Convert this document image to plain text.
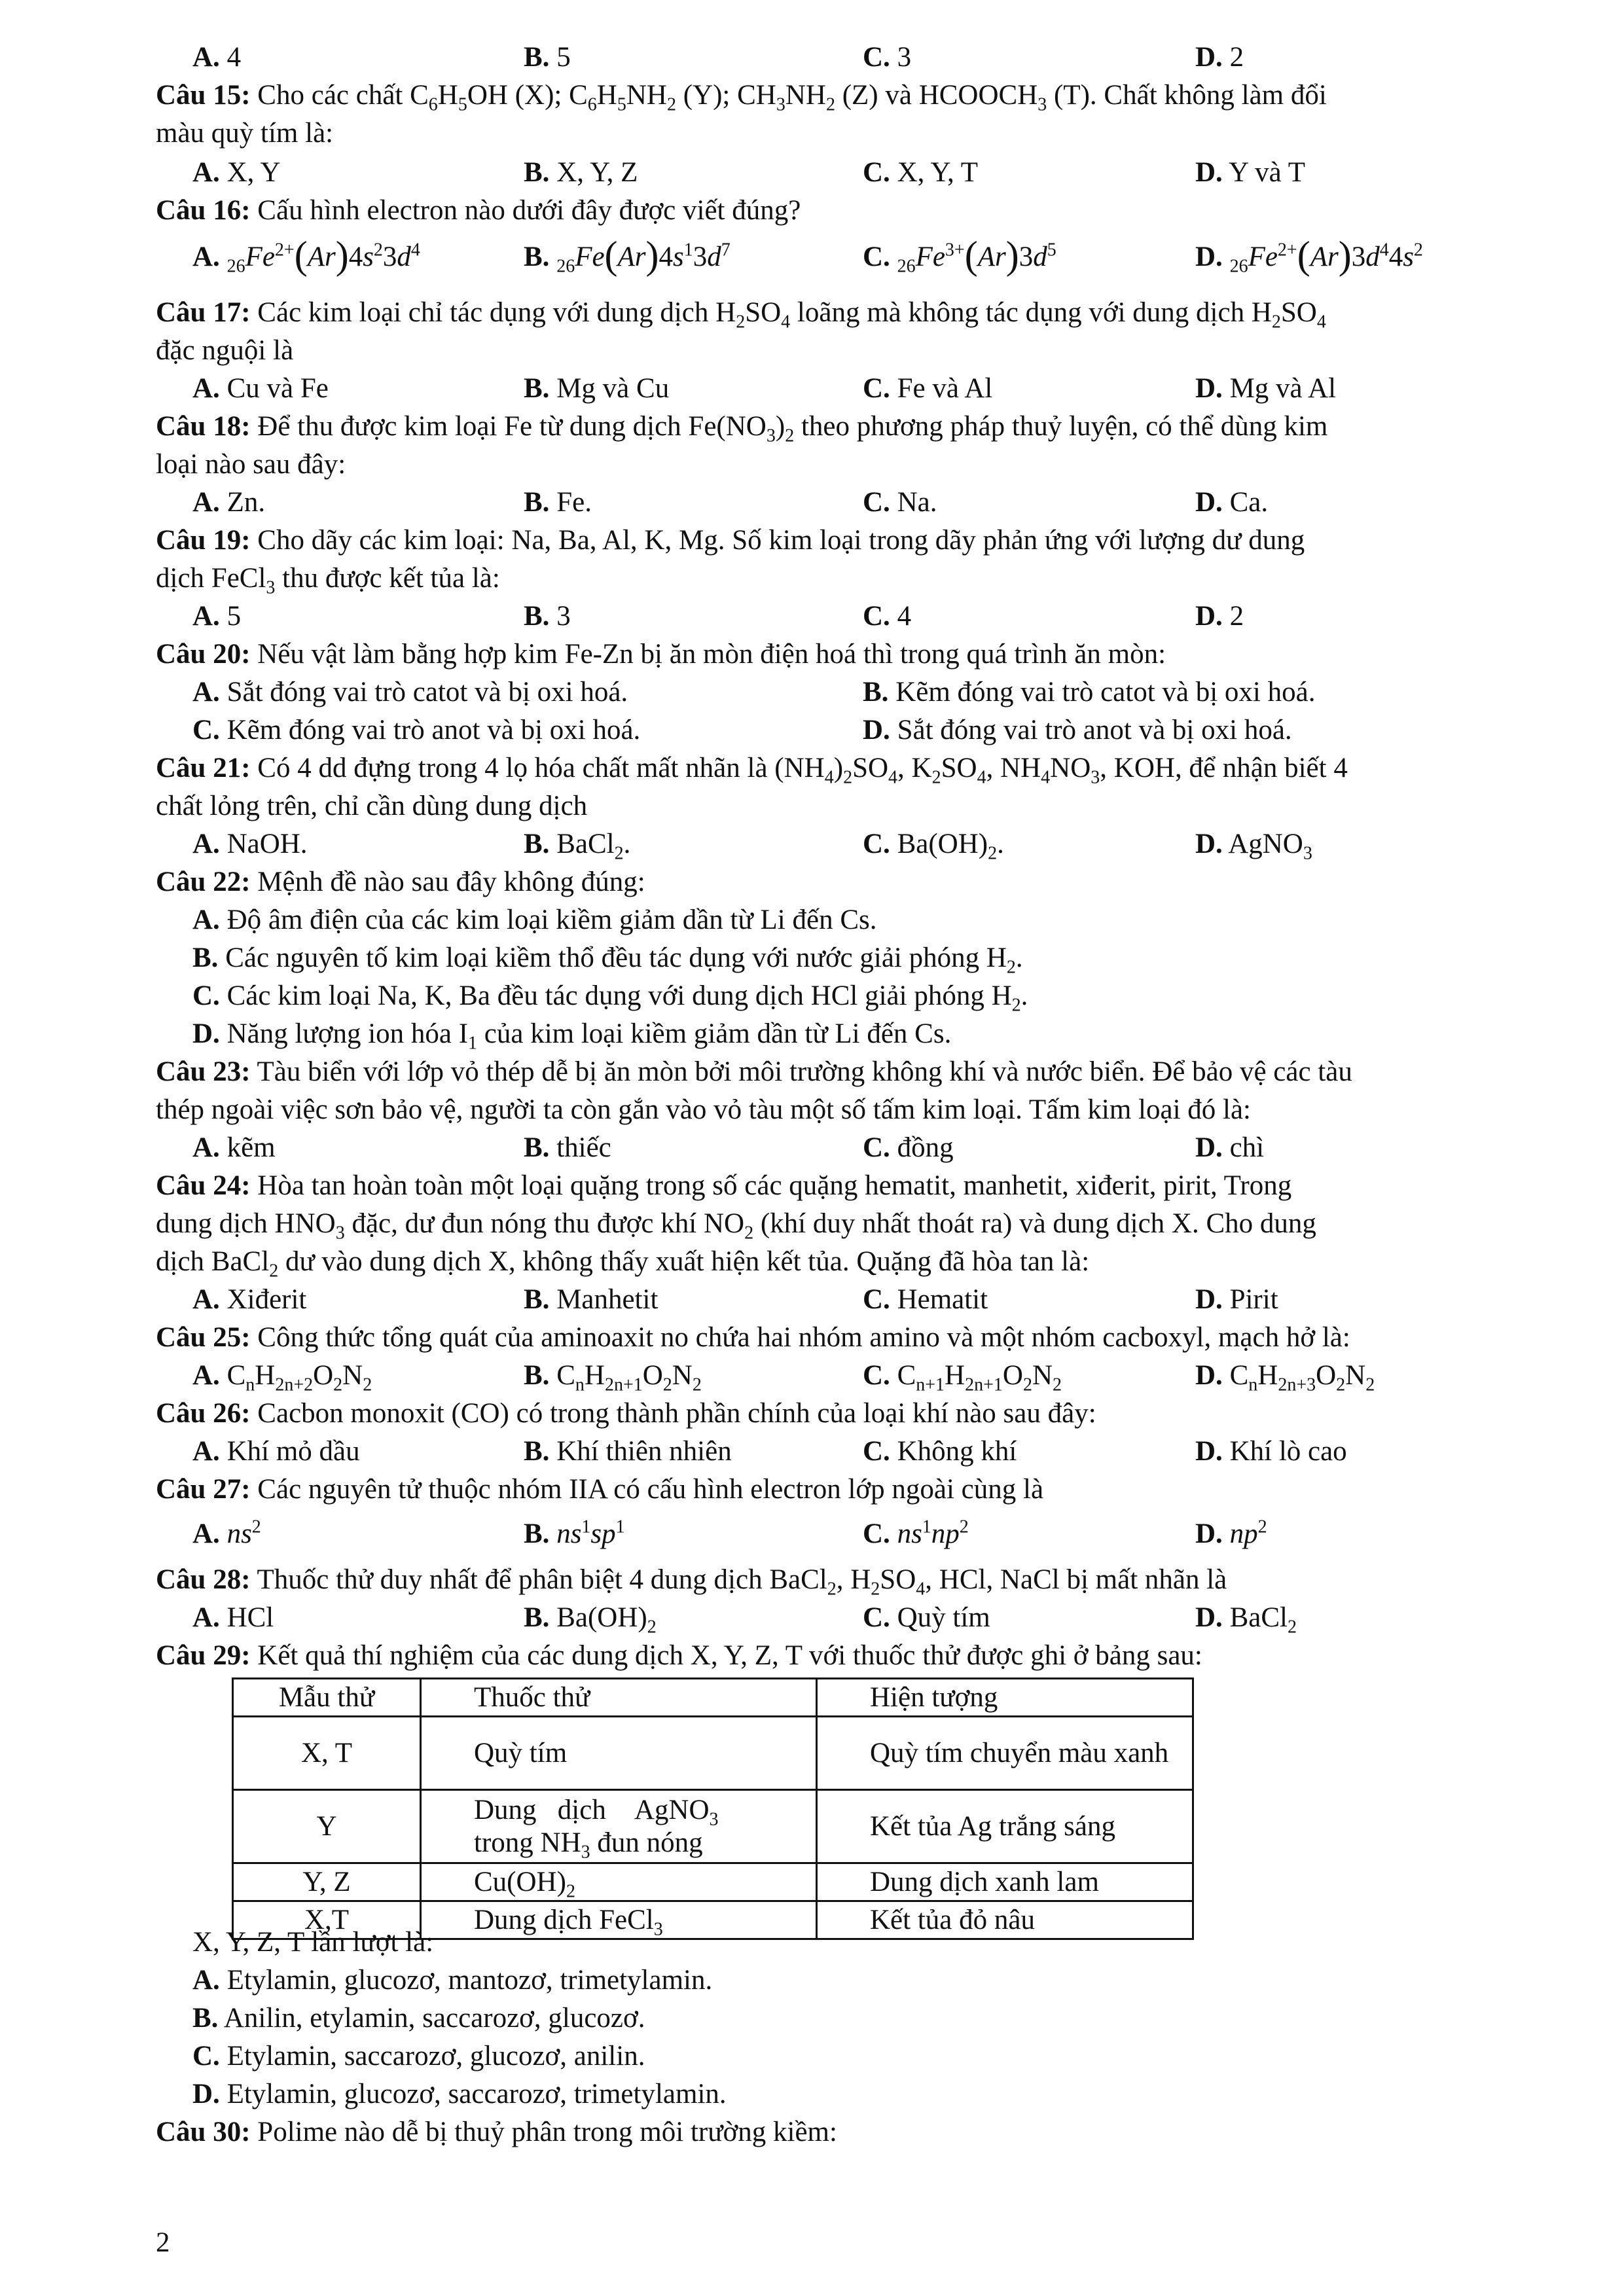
A. 4	B. 5	C. 3	D. 2
Câu 15: Cho các chất $C_6H_5OH$ (X); $C_6H_5NH_2$ (Y); $CH_3NH_2$ (Z) và $HCOOCH_3$ (T). Chất không làm đổi
màu quỳ tím là:
A. X, Y	B. X, Y, Z	C. X, Y, T	D. Y và T
Câu 16: Cấu hình electron nào dưới đây được viết đúng?
A. $_{26}Fe^{2+}(Ar)4s^23d^4$	B. $_{26}Fe(Ar)4s^13d^7$	C. $_{26}Fe^{3+}(Ar)3d^5$	D. $_{26}Fe^{2+}(Ar)3d^44s^2$
Câu 17: Các kim loại chỉ tác dụng với dung dịch $H_2SO_4$ loãng mà không tác dụng với dung dịch $H_2SO_4$
đặc nguội là
A. Cu và Fe	B. Mg và Cu	C. Fe và Al	D. Mg và Al
Câu 18: Để thu được kim loại Fe từ dung dịch $Fe(NO_3)_2$ theo phương pháp thuỷ luyện, có thể dùng kim
loại nào sau đây:
A. Zn.	B. Fe.	C. Na.	D. Ca.
Câu 19: Cho dãy các kim loại: Na, Ba, Al, K, Mg. Số kim loại trong dãy phản ứng với lượng dư dung
dịch FeCl$_3$ thu được kết tủa là:
A. 5	B. 3	C. 4	D. 2
Câu 20: Nếu vật làm bằng hợp kim Fe-Zn bị ăn mòn điện hoá thì trong quá trình ăn mòn:
A. Sắt đóng vai trò catot và bị oxi hoá.	B. Kẽm đóng vai trò catot và bị oxi hoá.
C. Kẽm đóng vai trò anot và bị oxi hoá.	D. Sắt đóng vai trò anot và bị oxi hoá.
Câu 21: Có 4 dd đựng trong 4 lọ hóa chất mất nhãn là $(NH_4)_2SO_4$, $K_2SO_4$, $NH_4NO_3$, KOH, để nhận biết 4
chất lỏng trên, chỉ cần dùng dung dịch
A. NaOH.	B. BaCl$_2$.	C. $Ba(OH)_2$.	D. AgNO$_3$
Câu 22: Mệnh đề nào sau đây không đúng:
A. Độ âm điện của các kim loại kiềm giảm dần từ Li đến Cs.
B. Các nguyên tố kim loại kiềm thổ đều tác dụng với nước giải phóng $H_2$.
C. Các kim loại Na, K, Ba đều tác dụng với dung dịch HCl giải phóng $H_2$.
D. Năng lượng ion hóa $I_1$ của kim loại kiềm giảm dần từ Li đến Cs.
Câu 23: Tàu biển với lớp vỏ thép dễ bị ăn mòn bởi môi trường không khí và nước biển. Để bảo vệ các tàu
thép ngoài việc sơn bảo vệ, người ta còn gắn vào vỏ tàu một số tấm kim loại. Tấm kim loại đó là:
A. kẽm	B. thiếc	C. đồng	D. chì
Câu 24: Hòa tan hoàn toàn một loại quặng trong số các quặng hematit, manhetit, xiđerit, pirit, Trong
dung dịch $HNO_3$ đặc, dư đun nóng thu được khí $NO_2$ (khí duy nhất thoát ra) và dung dịch X. Cho dung
dịch BaCl$_2$ dư vào dung dịch X, không thấy xuất hiện kết tủa. Quặng đã hòa tan là:
A. Xiđerit	B. Manhetit	C. Hematit	D. Pirit
Câu 25: Công thức tổng quát của aminoaxit no chứa hai nhóm amino và một nhóm cacboxyl, mạch hở là:
A. $C_nH_{2n+2}O_2N_2$	B. $C_nH_{2n+1}O_2N_2$	C. $C_{n+1}H_{2n+1}O_2N_2$	D. $C_nH_{2n+3}O_2N_2$
Câu 26: Cacbon monoxit (CO) có trong thành phần chính của loại khí nào sau đây:
A. Khí mỏ dầu	B. Khí thiên nhiên	C. Không khí	D. Khí lò cao
Câu 27: Các nguyên tử thuộc nhóm IIA có cấu hình electron lớp ngoài cùng là
A. $ns^2$	B. $ns^1sp^1$	C. $ns^1np^2$	D. $np^2$
Câu 28: Thuốc thử duy nhất để phân biệt 4 dung dịch BaCl$_2$, $H_2SO_4$, HCl, NaCl bị mất nhãn là
A. HCl	B. $Ba(OH)_2$	C. Quỳ tím	D. BaCl$_2$
Câu 29: Kết quả thí nghiệm của các dung dịch X, Y, Z, T với thuốc thử được ghi ở bảng sau:
Mẫu thử	Thuốc thử	Hiện tượng
X, T	Quỳ tím	Quỳ tím chuyển màu xanh
Y	Dung   dịch    AgNO$_3$
trong $NH_3$ đun nóng	Kết tủa Ag trắng sáng
Y, Z	$Cu(OH)_2$	Dung dịch xanh lam
X,T	Dung dịch FeCl$_3$	Kết tủa đỏ nâu
X, Y, Z, T lần lượt là:
A. Etylamin, glucozơ, mantozơ, trimetylamin.
B. Anilin, etylamin, saccarozơ, glucozơ.
C. Etylamin, saccarozơ, glucozơ, anilin.
D. Etylamin, glucozơ, saccarozơ, trimetylamin.
Câu 30: Polime nào dễ bị thuỷ phân trong môi trường kiềm:
2
